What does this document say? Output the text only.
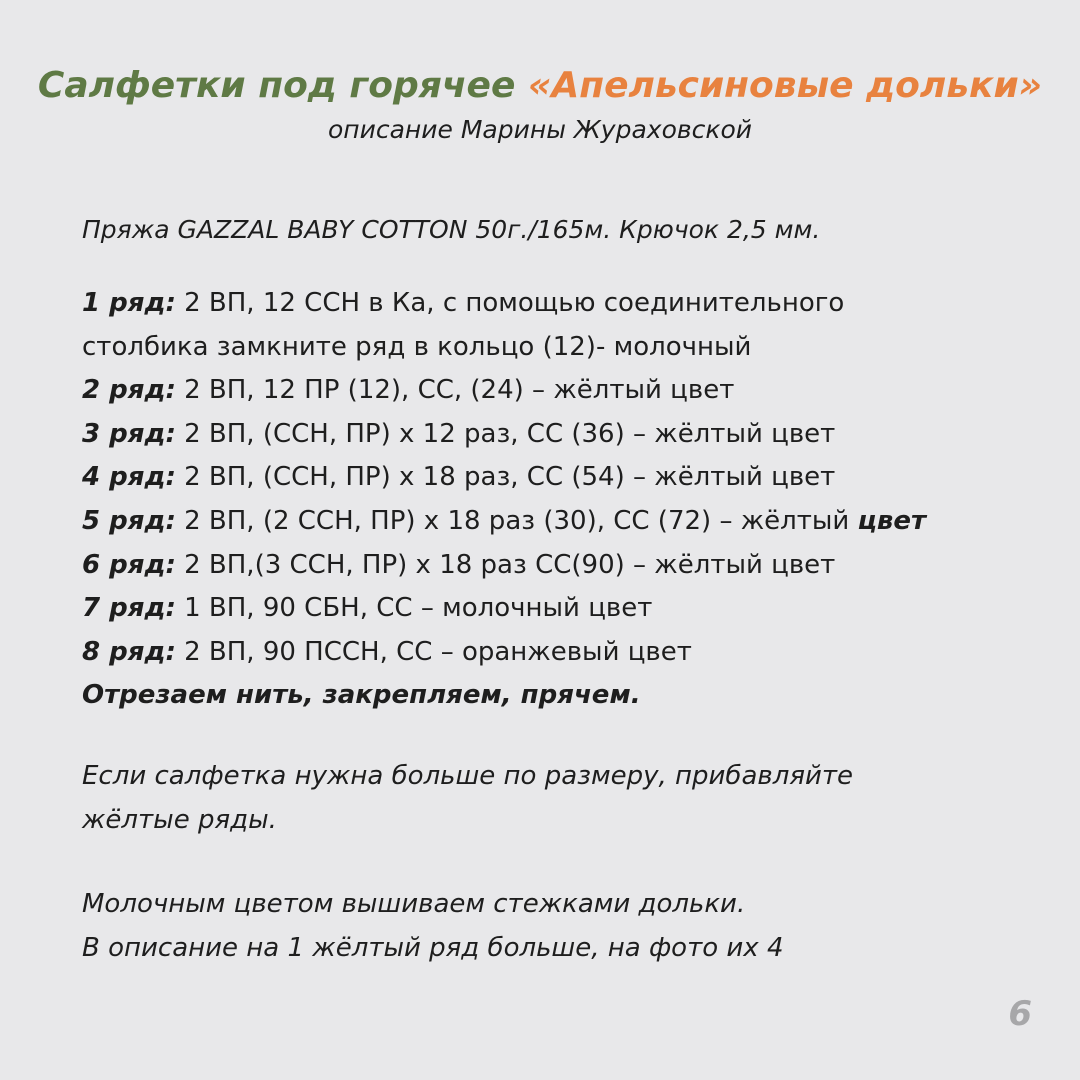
Салфетки под горячее «Апельсиновые дольки»
описание Марины Жураховской
Пряжа GAZZAL BABY COTTON 50г./165м. Крючок 2,5 мм.
1 ряд: 2 ВП, 12 ССН в Ка, с помощью соединительного
столбика замкните ряд в кольцо (12)- молочный
2 ряд: 2 ВП, 12 ПР (12), СС, (24) – жёлтый цвет
3 ряд: 2 ВП, (ССН, ПР) х 12 раз, СС (36) – жёлтый цвет
4 ряд: 2 ВП, (ССН, ПР) х 18 раз, СС (54) – жёлтый цвет
5 ряд: 2 ВП, (2 ССН, ПР) х 18 раз (30), СС (72) – жёлтый цвет
6 ряд: 2 ВП,(3 ССН, ПР) х 18 раз СС(90) – жёлтый цвет
7 ряд: 1 ВП, 90 СБН, СС – молочный цвет
8 ряд: 2 ВП, 90 ПССН, СС – оранжевый цвет
Отрезаем нить, закрепляем, прячем.
Если салфетка нужна больше по размеру, прибавляйте
жёлтые ряды.
Молочным цветом вышиваем стежками дольки.
В описание на 1 жёлтый ряд больше, на фото их 4
6
